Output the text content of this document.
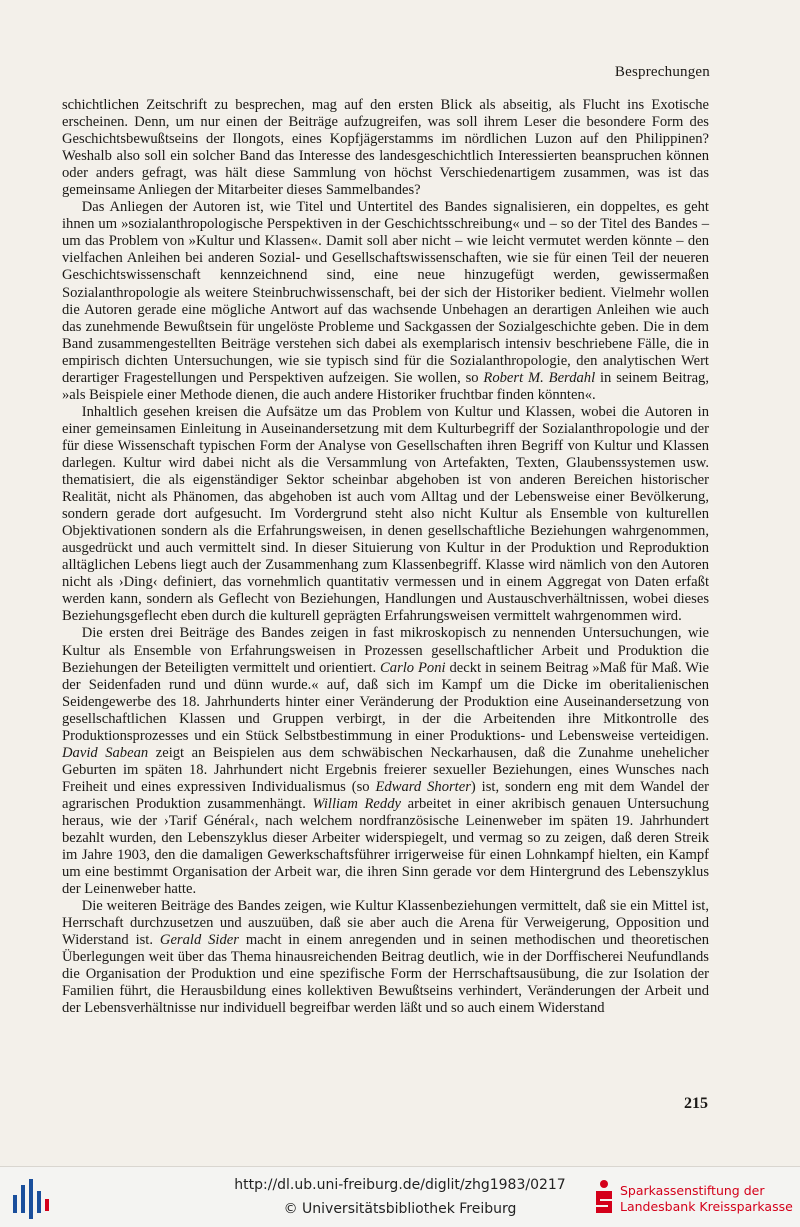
Besprechungen

schichtlichen Zeitschrift zu besprechen, mag auf den ersten Blick als abseitig, als Flucht ins Exotische erscheinen. Denn, um nur einen der Beiträge aufzugreifen, was soll ihrem Leser die besondere Form des Geschichtsbewußtseins der Ilongots, eines Kopfjägerstamms im nördlichen Luzon auf den Philippinen? Weshalb also soll ein solcher Band das Interesse des landesgeschichtlich Interessierten beanspruchen können oder anders gefragt, was hält diese Sammlung von höchst Verschiedenartigem zusammen, was ist das gemeinsame Anliegen der Mitarbeiter dieses Sammelbandes?

Das Anliegen der Autoren ist, wie Titel und Untertitel des Bandes signalisieren, ein doppeltes, es geht ihnen um »sozialanthropologische Perspektiven in der Geschichtsschreibung« und – so der Titel des Bandes – um das Problem von »Kultur und Klassen«. Damit soll aber nicht – wie leicht vermutet werden könnte – den vielfachen Anleihen bei anderen Sozial- und Gesellschaftswissenschaften, wie sie für einen Teil der neueren Geschichtswissenschaft kennzeichnend sind, eine neue hinzugefügt werden, gewissermaßen Sozialanthropologie als weitere Steinbruchwissenschaft, bei der sich der Historiker bedient. Vielmehr wollen die Autoren gerade eine mögliche Antwort auf das wachsende Unbehagen an derartigen Anleihen wie auch das zunehmende Bewußtsein für ungelöste Probleme und Sackgassen der Sozialgeschichte geben. Die in dem Band zusammengestellten Beiträge verstehen sich dabei als exemplarisch intensiv beschriebene Fälle, die in empirisch dichten Untersuchungen, wie sie typisch sind für die Sozialanthropologie, den analytischen Wert derartiger Fragestellungen und Perspektiven aufzeigen. Sie wollen, so Robert M. Berdahl in seinem Beitrag, »als Beispiele einer Methode dienen, die auch andere Historiker fruchtbar finden könnten«.

Inhaltlich gesehen kreisen die Aufsätze um das Problem von Kultur und Klassen, wobei die Autoren in einer gemeinsamen Einleitung in Auseinandersetzung mit dem Kulturbegriff der Sozialanthropologie und der für diese Wissenschaft typischen Form der Analyse von Gesellschaften ihren Begriff von Kultur und Klassen darlegen. Kultur wird dabei nicht als die Versammlung von Artefakten, Texten, Glaubenssystemen usw. thematisiert, die als eigenständiger Sektor scheinbar abgehoben ist von anderen Bereichen historischer Realität, nicht als Phänomen, das abgehoben ist auch vom Alltag und der Lebensweise einer Bevölkerung, sondern gerade dort aufgesucht. Im Vordergrund steht also nicht Kultur als Ensemble von kulturellen Objektivationen sondern als die Erfahrungsweisen, in denen gesellschaftliche Beziehungen wahrgenommen, ausgedrückt und auch vermittelt sind. In dieser Situierung von Kultur in der Produktion und Reproduktion alltäglichen Lebens liegt auch der Zusammenhang zum Klassenbegriff. Klasse wird nämlich von den Autoren nicht als ›Ding‹ definiert, das vornehmlich quantitativ vermessen und in einem Aggregat von Daten erfaßt werden kann, sondern als Geflecht von Beziehungen, Handlungen und Austauschverhältnissen, wobei dieses Beziehungsgeflecht eben durch die kulturell geprägten Erfahrungsweisen vermittelt wahrgenommen wird.

Die ersten drei Beiträge des Bandes zeigen in fast mikroskopisch zu nennenden Untersuchungen, wie Kultur als Ensemble von Erfahrungsweisen in Prozessen gesellschaftlicher Arbeit und Produktion die Beziehungen der Beteiligten vermittelt und orientiert. Carlo Poni deckt in seinem Beitrag »Maß für Maß. Wie der Seidenfaden rund und dünn wurde.« auf, daß sich im Kampf um die Dicke im oberitalienischen Seidengewerbe des 18. Jahrhunderts hinter einer Veränderung der Produktion eine Auseinandersetzung von gesellschaftlichen Klassen und Gruppen verbirgt, in der die Arbeitenden ihre Mitkontrolle des Produktionsprozesses und ein Stück Selbstbestimmung in einer Produktions- und Lebensweise verteidigen. David Sabean zeigt an Beispielen aus dem schwäbischen Neckarhausen, daß die Zunahme unehelicher Geburten im späten 18. Jahrhundert nicht Ergebnis freierer sexueller Beziehungen, eines Wunsches nach Freiheit und eines expressiven Individualismus (so Edward Shorter) ist, sondern eng mit dem Wandel der agrarischen Produktion zusammenhängt. William Reddy arbeitet in einer akribisch genauen Untersuchung heraus, wie der ›Tarif Général‹, nach welchem nordfranzösische Leinenweber im späten 19. Jahrhundert bezahlt wurden, den Lebenszyklus dieser Arbeiter widerspiegelt, und vermag so zu zeigen, daß deren Streik im Jahre 1903, den die damaligen Gewerkschaftsführer irrigerweise für einen Lohnkampf hielten, ein Kampf um eine bestimmt Organisation der Arbeit war, die ihren Sinn gerade vor dem Hintergrund des Lebenszyklus der Leinenweber hatte.

Die weiteren Beiträge des Bandes zeigen, wie Kultur Klassenbeziehungen vermittelt, daß sie ein Mittel ist, Herrschaft durchzusetzen und auszuüben, daß sie aber auch die Arena für Verweigerung, Opposition und Widerstand ist. Gerald Sider macht in einem anregenden und in seinen methodischen und theoretischen Überlegungen weit über das Thema hinausreichenden Beitrag deutlich, wie in der Dorffischerei Neufundlands die Organisation der Produktion und eine spezifische Form der Herrschaftsausübung, die zur Isolation der Familien führt, die Herausbildung eines kollektiven Bewußtseins verhindert, Veränderungen der Arbeit und der Lebensverhältnisse nur individuell begreifbar werden läßt und so auch einem Widerstand

215
http://dl.ub.uni-freiburg.de/diglit/zhg1983/0217
© Universitätsbibliothek Freiburg
Sparkassenstiftung der
Landesbank Kreissparkasse
